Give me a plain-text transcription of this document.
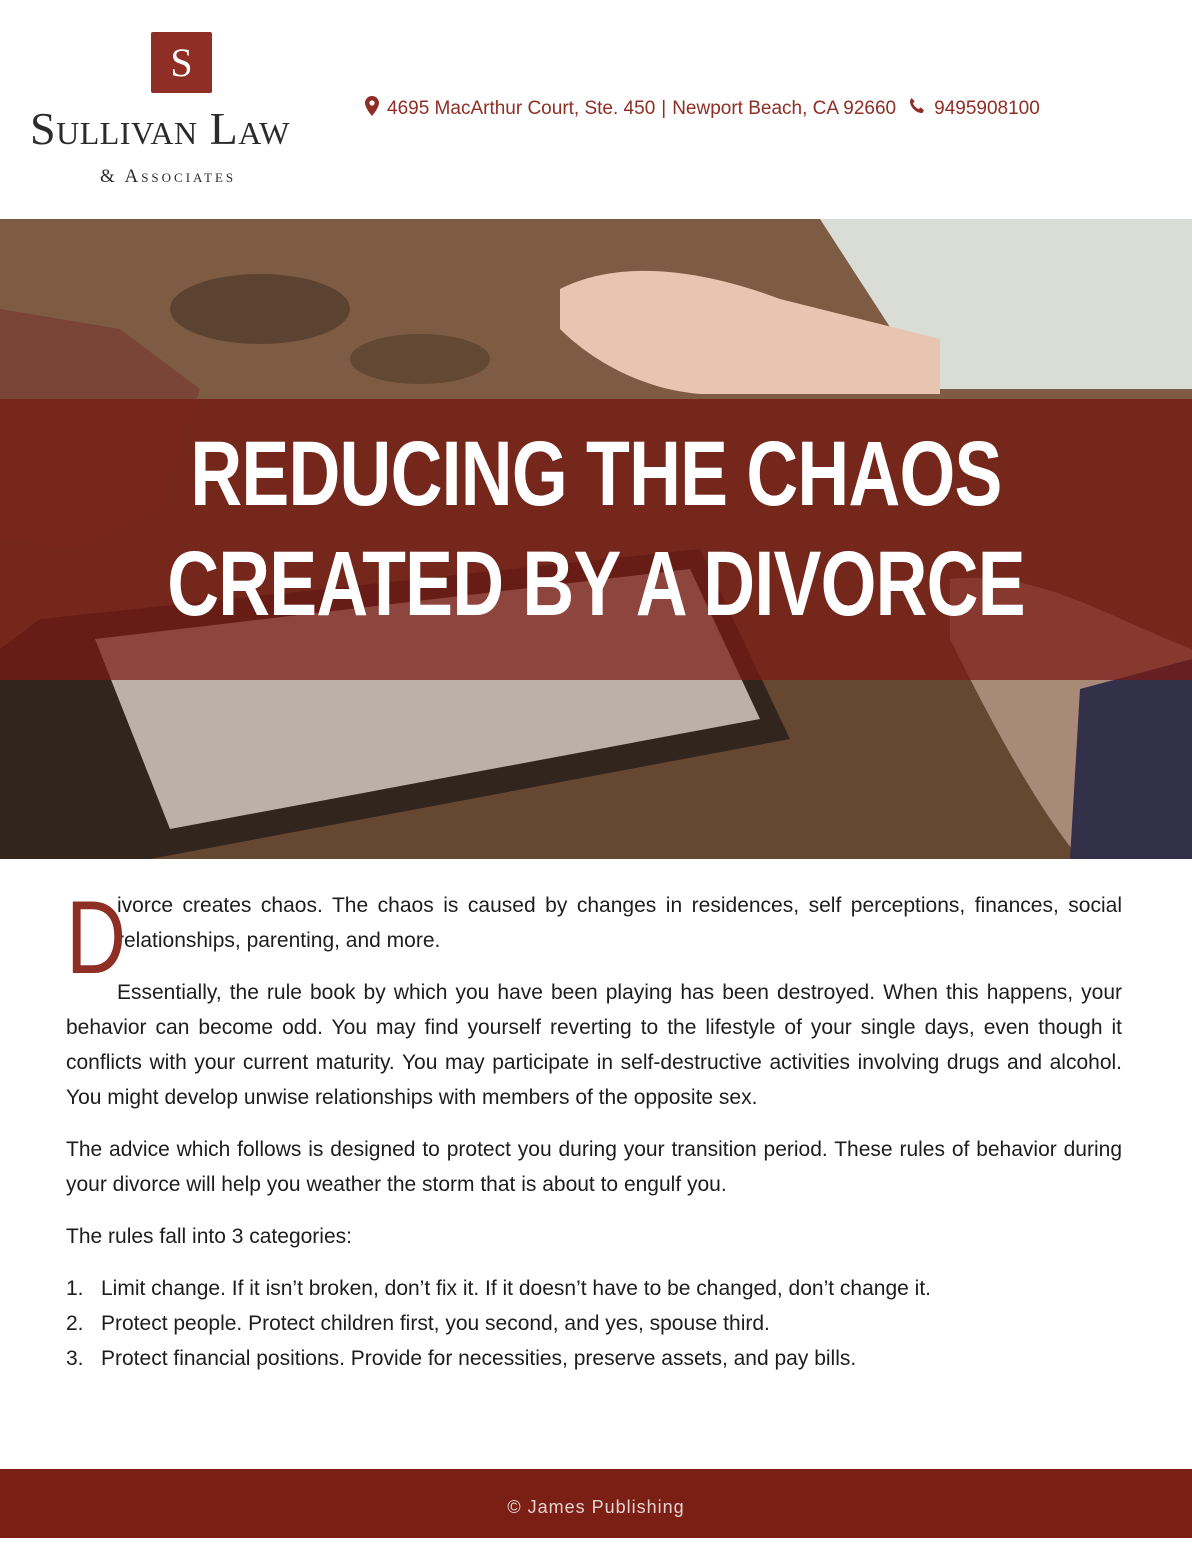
S
Sullivan Law
& Associates
4695 MacArthur Court, Ste. 450 | Newport Beach, CA 92660 9495908100
REDUCING THE CHAOS
CREATED BY A DIVORCE
D

ivorce creates chaos. The chaos is caused by changes in residences, self perceptions, finances, social relationships, parenting, and more.

Essentially, the rule book by which you have been playing has been destroyed. When this happens, your behavior can become odd. You may find yourself reverting to the lifestyle of your single days, even though it conflicts with your current maturity. You may participate in self-destructive activities involving drugs and alcohol. You might develop unwise relationships with members of the opposite sex.

The advice which follows is designed to protect you during your transition period. These rules of behavior during your divorce will help you weather the storm that is about to engulf you.

The rules fall into 3 categories:

1. Limit change. If it isn’t broken, don’t fix it. If it doesn’t have to be changed, don’t change it.
2. Protect people. Protect children first, you second, and yes, spouse third.
3. Protect financial positions. Provide for necessities, preserve assets, and pay bills.
© James Publishing
